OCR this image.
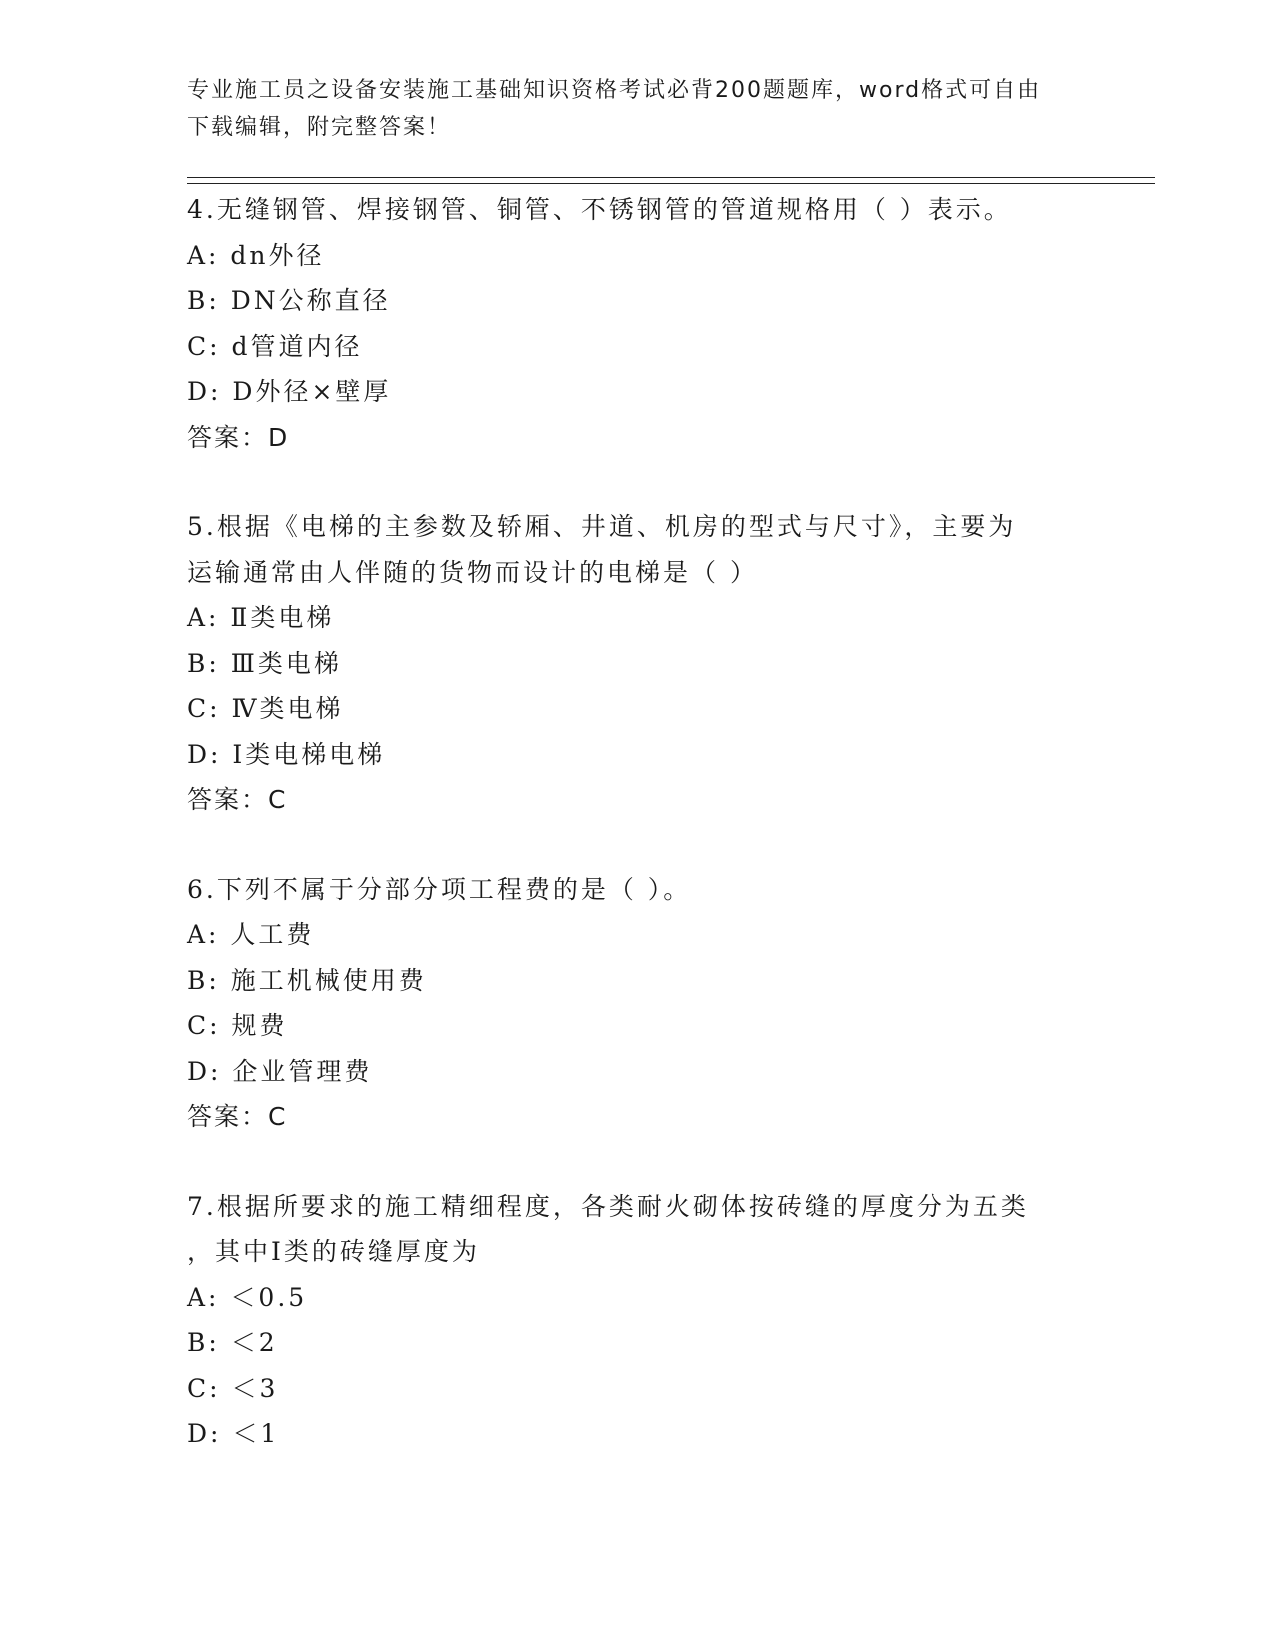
专业施工员之设备安装施工基础知识资格考试必背200题题库，word格式可自由
下载编辑，附完整答案！
4.无缝钢管、焊接钢管、铜管、不锈钢管的管道规格用（ ）表示。
A: dn外径
B: DN公称直径
C: d管道内径
D: D外径×壁厚
答案：D
5.根据《电梯的主参数及轿厢、井道、机房的型式与尺寸》，主要为
运输通常由人伴随的货物而设计的电梯是（ ）
A: Ⅱ类电梯
B: Ⅲ类电梯
C: Ⅳ类电梯
D: Ⅰ类电梯电梯
答案：C
6.下列不属于分部分项工程费的是（ ）。
A: 人工费
B: 施工机械使用费
C: 规费
D: 企业管理费
答案：C
7.根据所要求的施工精细程度，各类耐火砌体按砖缝的厚度分为五类
，其中Ⅰ类的砖缝厚度为
A: ＜0.5
B: ＜2
C: ＜3
D: ＜1
